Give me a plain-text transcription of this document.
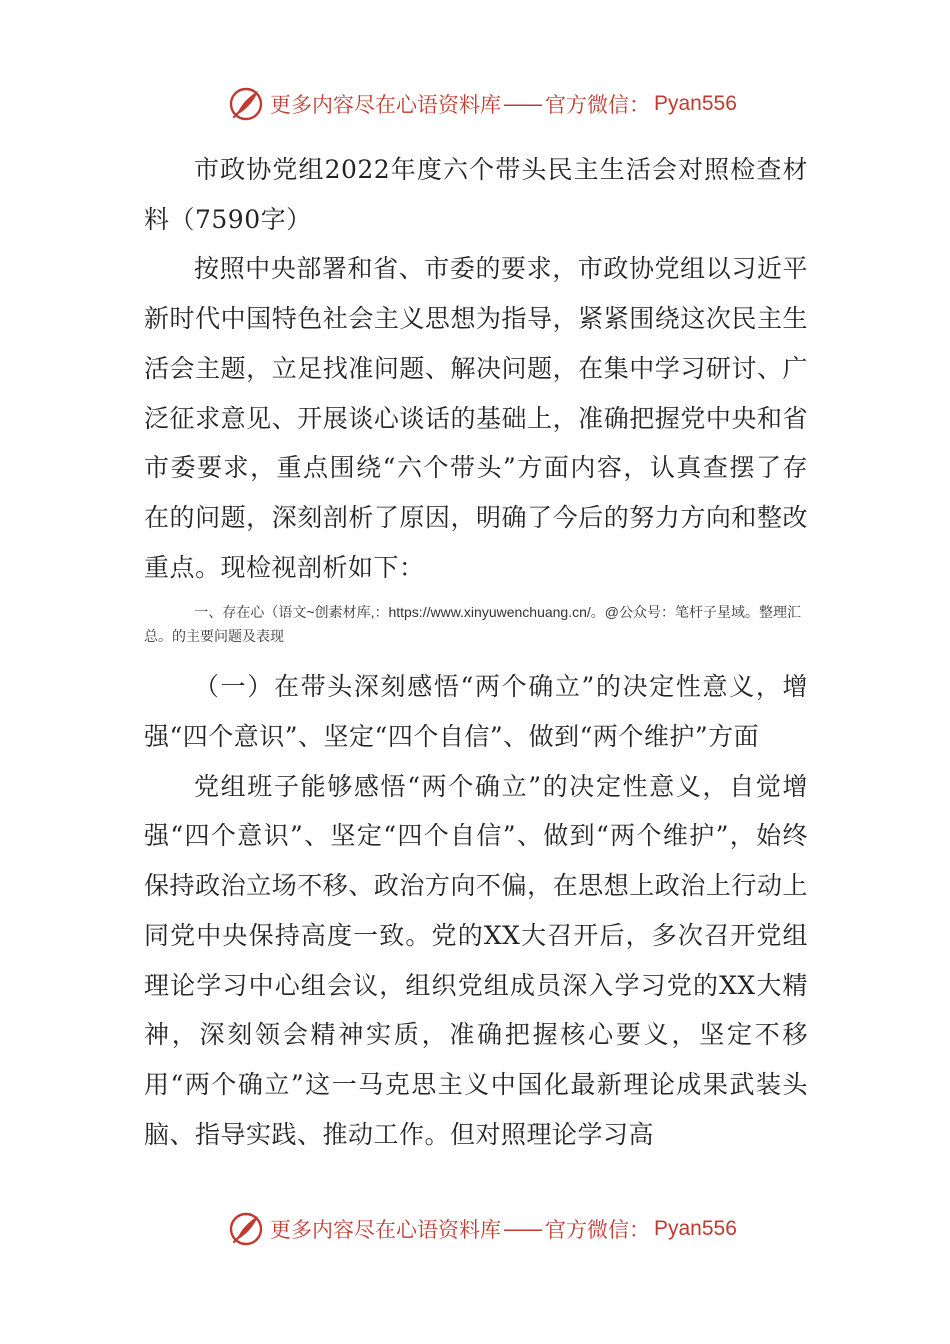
更多内容尽在心语资料库 —— 官方微信： Pyan556

市政协党组2022年度六个带头民主生活会对照检查材料（7590字）

按照中央部署和省、市委的要求，市政协党组以习近平新时代中国特色社会主义思想为指导，紧紧围绕这次民主生活会主题，立足找准问题、解决问题，在集中学习研讨、广泛征求意见、开展谈心谈话的基础上，准确把握党中央和省市委要求，重点围绕“六个带头”方面内容，认真查摆了存在的问题，深刻剖析了原因，明确了今后的努力方向和整改重点。现检视剖析如下：

一、存在心（语文~创素材库,：https://www.xinyuwenchuang.cn/。@公众号：笔杆子星域。整理汇总。的主要问题及表现

（一）在带头深刻感悟“两个确立”的决定性意义，增强“四个意识”、坚定“四个自信”、做到“两个维护”方面

党组班子能够感悟“两个确立”的决定性意义，自觉增强“四个意识”、坚定“四个自信”、做到“两个维护”，始终保持政治立场不移、政治方向不偏，在思想上政治上行动上同党中央保持高度一致。党的XX大召开后，多次召开党组理论学习中心组会议，组织党组成员深入学习党的XX大精神，深刻领会精神实质，准确把握核心要义，坚定不移用“两个确立”这一马克思主义中国化最新理论成果武装头脑、指导实践、推动工作。但对照理论学习高

更多内容尽在心语资料库 —— 官方微信： Pyan556
